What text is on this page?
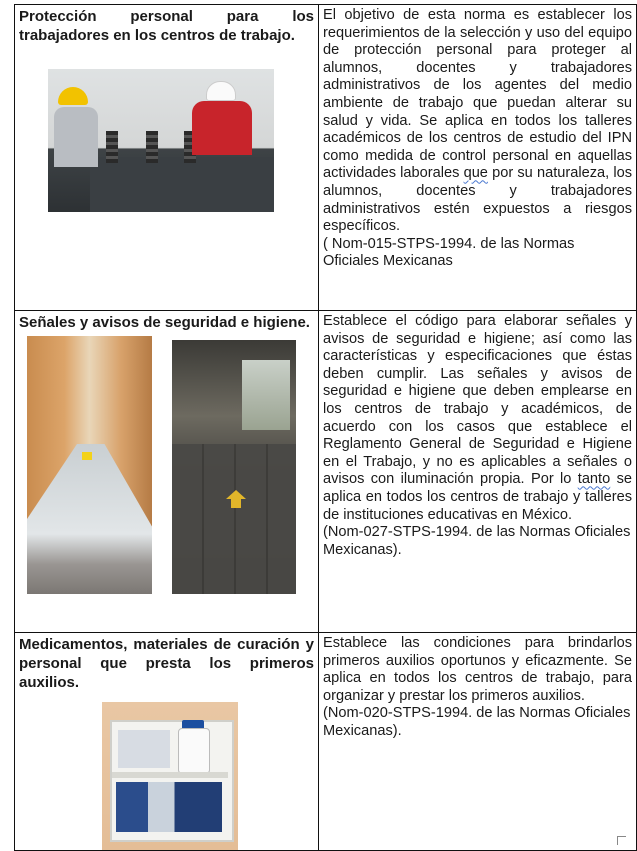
Protección personal para los trabajadores en los centros de trabajo.	El objetivo de esta norma es establecer los requerimientos de la selección y uso del equipo de protección personal para proteger al alumnos, docentes y trabajadores administrativos de los agentes del medio ambiente de trabajo que puedan alterar su salud y vida. Se aplica en todos los talleres académicos de los centros de estudio del IPN como medida de control personal en aquellas actividades laborales que por su naturaleza, los alumnos, docentes y trabajadores administrativos estén expuestos a riesgos específicos.

( Nom-015-STPS-1994. de las Normas Oficiales Mexicanas

Señales y avisos de seguridad e higiene.	Establece el código para elaborar señales y avisos de seguridad e higiene; así como las características y especificaciones que éstas deben cumplir. Las señales y avisos de seguridad e higiene que deben emplearse en los centros de trabajo y académicos, de acuerdo con los casos que establece el Reglamento General de Seguridad e Higiene en el Trabajo, y no es aplicables a señales o avisos con iluminación propia. Por lo tanto se aplica en todos los centros de trabajo y talleres de instituciones educativas en México.

(Nom-027-STPS-1994. de las Normas Oficiales Mexicanas).

Medicamentos, materiales de curación y personal que presta los primeros auxilios.	Establece las condiciones para brindarlos primeros auxilios oportunos y eficazmente. Se aplica en todos los centros de trabajo, para organizar y prestar los primeros auxilios.

(Nom-020-STPS-1994. de las Normas Oficiales Mexicanas).
